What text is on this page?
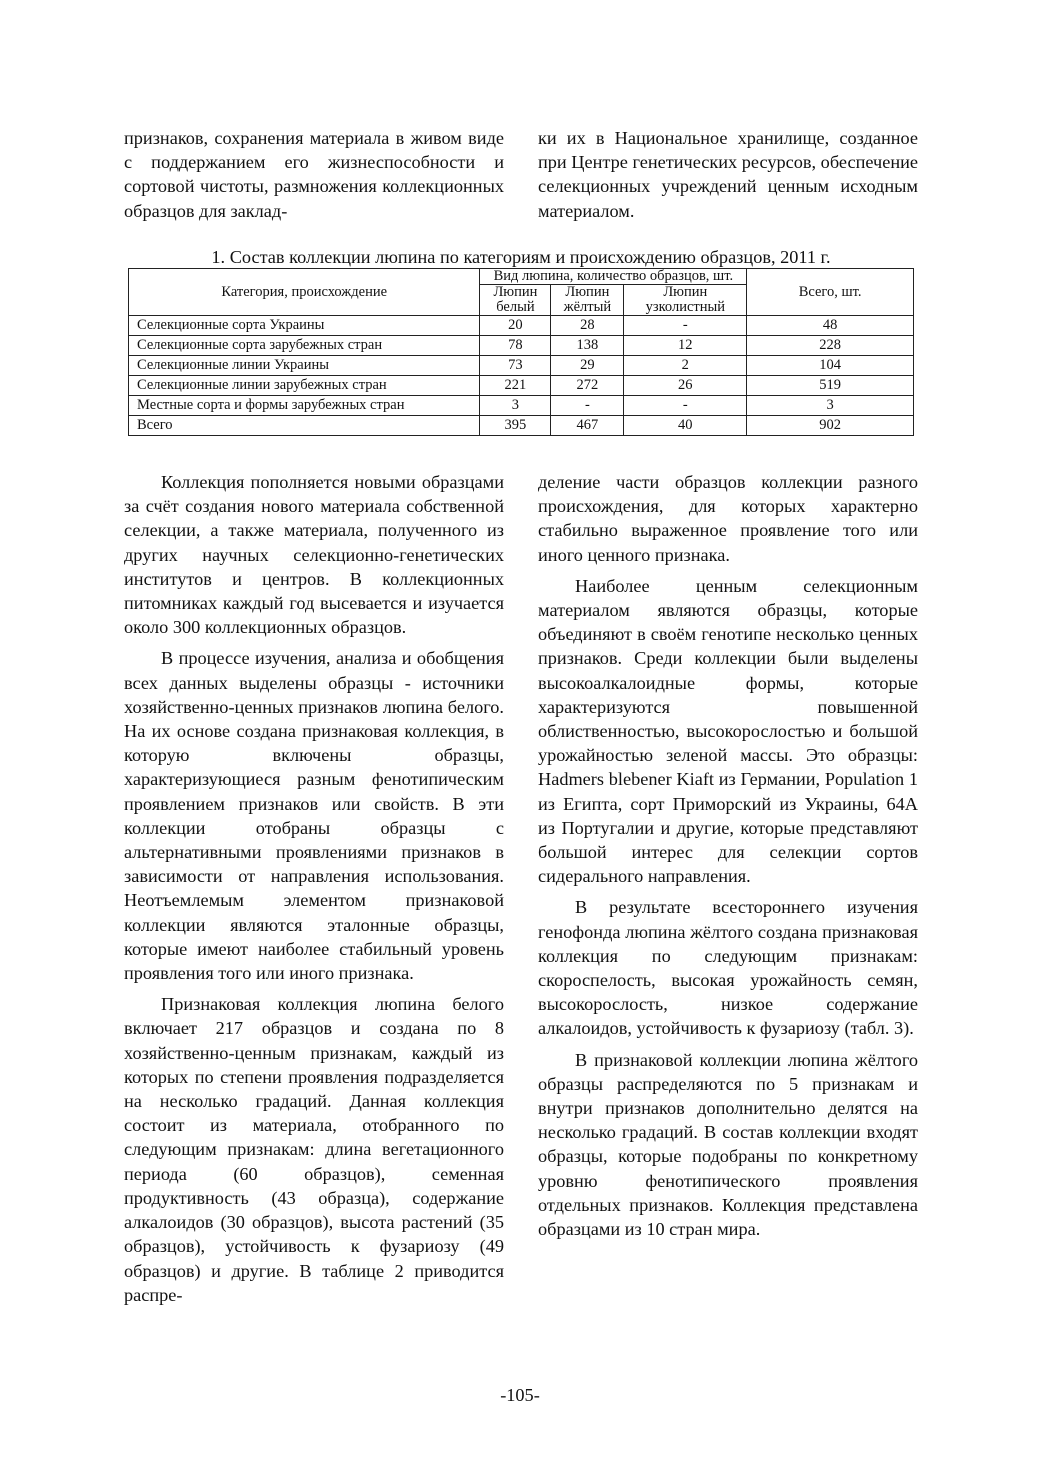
признаков, сохранения материала в живом виде с поддержанием его жизнеспособности и сортовой чистоты, размножения коллекционных образцов для заклад-

ки их в Национальное хранилище, созданное при Центре генетических ресурсов, обеспечение селекционных учреждений ценным исходным материалом.

1. Состав коллекции люпина по категориям и происхождению образцов, 2011 г.
Категория, происхождение	Вид люпина, количество образцов, шт.			Всего, шт.
	Люпин белый	Люпин жёлтый	Люпин узколистный	
Селекционные сорта Украины	20	28	-	48
Селекционные сорта зарубежных стран	78	138	12	228
Селекционные линии Украины	73	29	2	104
Селекционные линии зарубежных стран	221	272	26	519
Местные сорта и формы зарубежных стран	3	-	-	3
Всего	395	467	40	902

Коллекция пополняется новыми образцами за счёт создания нового материала собственной селекции, а также материала, полученного из других научных селекционно-генетических институтов и центров. В коллекционных питомниках каждый год высевается и изучается около 300 коллекционных образцов.

В процессе изучения, анализа и обобщения всех данных выделены образцы - источники хозяйственно-ценных признаков люпина белого. На их основе создана признаковая коллекция, в которую включены образцы, характеризующиеся разным фенотипическим проявлением признаков или свойств. В эти коллекции отобраны образцы с альтернативными проявлениями признаков в зависимости от направления использования. Неотъемлемым элементом признаковой коллекции являются эталонные образцы, которые имеют наиболее стабильный уровень проявления того или иного признака.

Признаковая коллекция люпина белого включает 217 образцов и создана по 8 хозяйственно-ценным признакам, каждый из которых по степени проявления подразделяется на несколько градаций. Данная коллекция состоит из материала, отобранного по следующим признакам: длина вегетационного периода (60 образцов), семенная продуктивность (43 образца), содержание алкалоидов (30 образцов), высота растений (35 образцов), устойчивость к фузариозу (49 образцов) и другие. В таблице 2 приводится распре-

деление части образцов коллекции разного происхождения, для которых характерно стабильно выраженное проявление того или иного ценного признака.

Наиболее ценным селекционным материалом являются образцы, которые объединяют в своём генотипе несколько ценных признаков. Среди коллекции были выделены высокоалкалоидные формы, которые характеризуются повышенной облиственностью, высокорослостью и большой урожайностью зеленой массы. Это образцы: Hadmers blebener Kiaft из Германии, Population 1 из Египта, сорт Приморский из Украины, 64А из Португалии и другие, которые представляют большой интерес для селекции сортов сидерального направления.

В результате всестороннего изучения генофонда люпина жёлтого создана признаковая коллекция по следующим признакам: скороспелость, высокая урожайность семян, высокорослость, низкое содержание алкалоидов, устойчивость к фузариозу (табл. 3).

В признаковой коллекции люпина жёлтого образцы распределяются по 5 признакам и внутри признаков дополнительно делятся на несколько градаций. В состав коллекции входят образцы, которые подобраны по конкретному уровню фенотипического проявления отдельных признаков. Коллекция представлена образцами из 10 стран мира.

-105-
